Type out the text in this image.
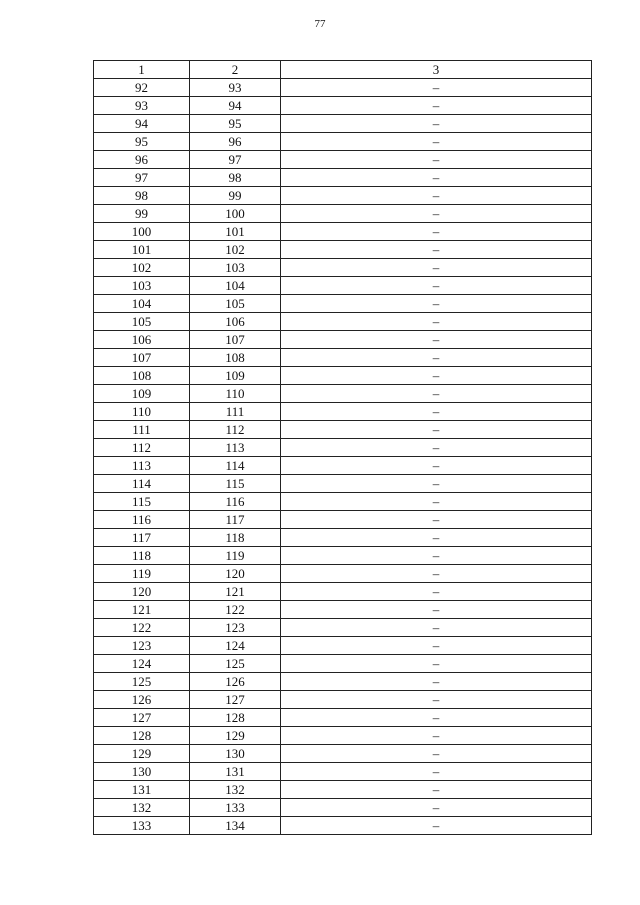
77
1	2	3
92	93	–
93	94	–
94	95	–
95	96	–
96	97	–
97	98	–
98	99	–
99	100	–
100	101	–
101	102	–
102	103	–
103	104	–
104	105	–
105	106	–
106	107	–
107	108	–
108	109	–
109	110	–
110	111	–
111	112	–
112	113	–
113	114	–
114	115	–
115	116	–
116	117	–
117	118	–
118	119	–
119	120	–
120	121	–
121	122	–
122	123	–
123	124	–
124	125	–
125	126	–
126	127	–
127	128	–
128	129	–
129	130	–
130	131	–
131	132	–
132	133	–
133	134	–
